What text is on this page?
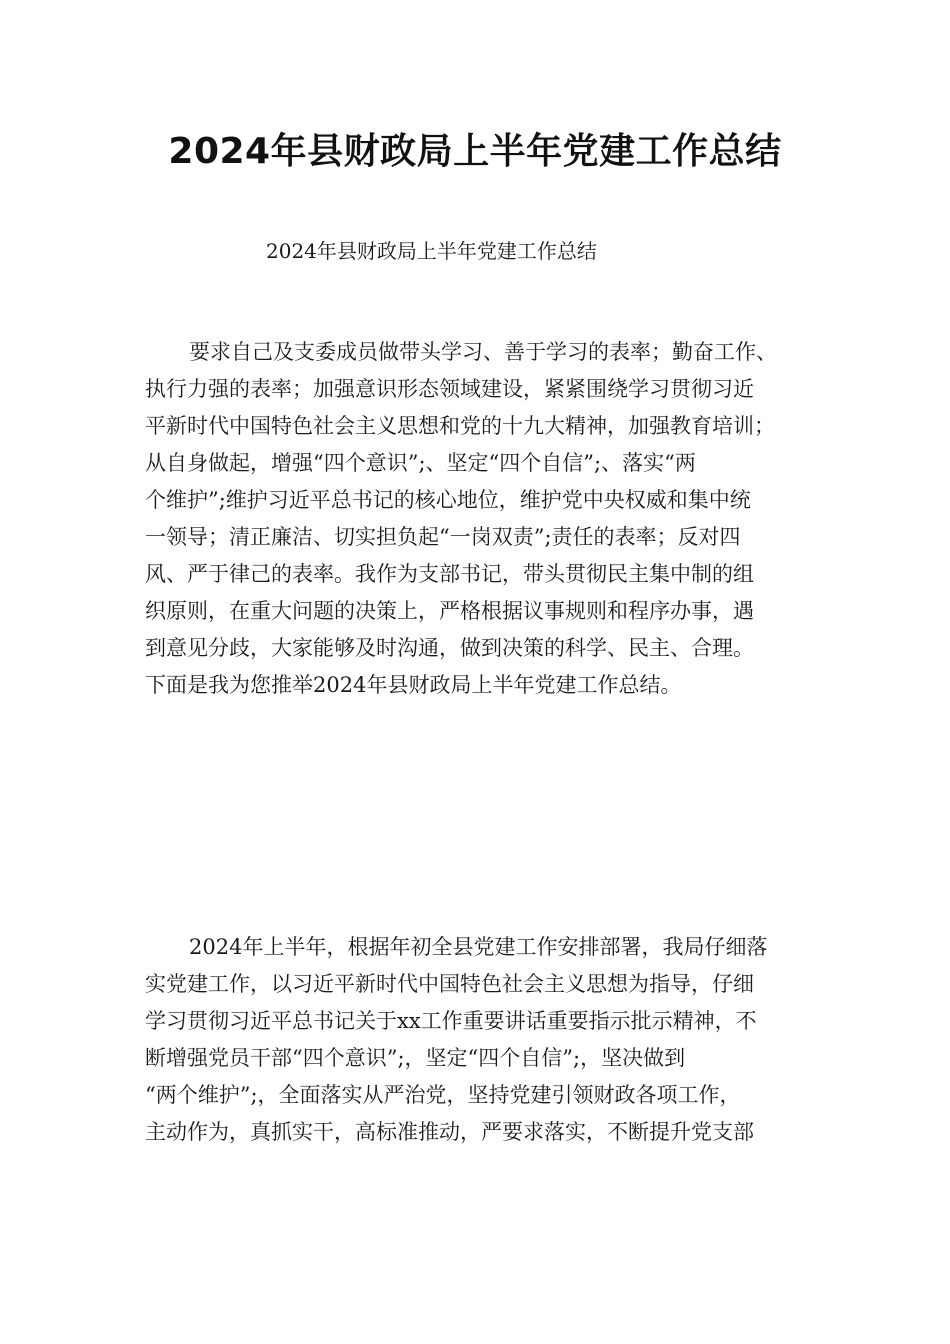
2024年县财政局上半年党建工作总结
2024年县财政局上半年党建工作总结
要求自己及支委成员做带头学习、善于学习的表率；勤奋工作、
执行力强的表率；加强意识形态领域建设，紧紧围绕学习贯彻习近
平新时代中国特色社会主义思想和党的十九大精神，加强教育培训；
从自身做起，增强“四个意识”;、坚定“四个自信”;、落实“两
个维护”;维护习近平总书记的核心地位，维护党中央权威和集中统
一领导；清正廉洁、切实担负起“一岗双责”;责任的表率；反对四
风、严于律己的表率。我作为支部书记，带头贯彻民主集中制的组
织原则，在重大问题的决策上，严格根据议事规则和程序办事，遇
到意见分歧，大家能够及时沟通，做到决策的科学、民主、合理。
下面是我为您推举2024年县财政局上半年党建工作总结。
2024年上半年，根据年初全县党建工作安排部署，我局仔细落
实党建工作，以习近平新时代中国特色社会主义思想为指导，仔细
学习贯彻习近平总书记关于xx工作重要讲话重要指示批示精神，不
断增强党员干部“四个意识”;，坚定“四个自信”;，坚决做到
“两个维护”;，全面落实从严治党，坚持党建引领财政各项工作，
主动作为，真抓实干，高标准推动，严要求落实，不断提升党支部
